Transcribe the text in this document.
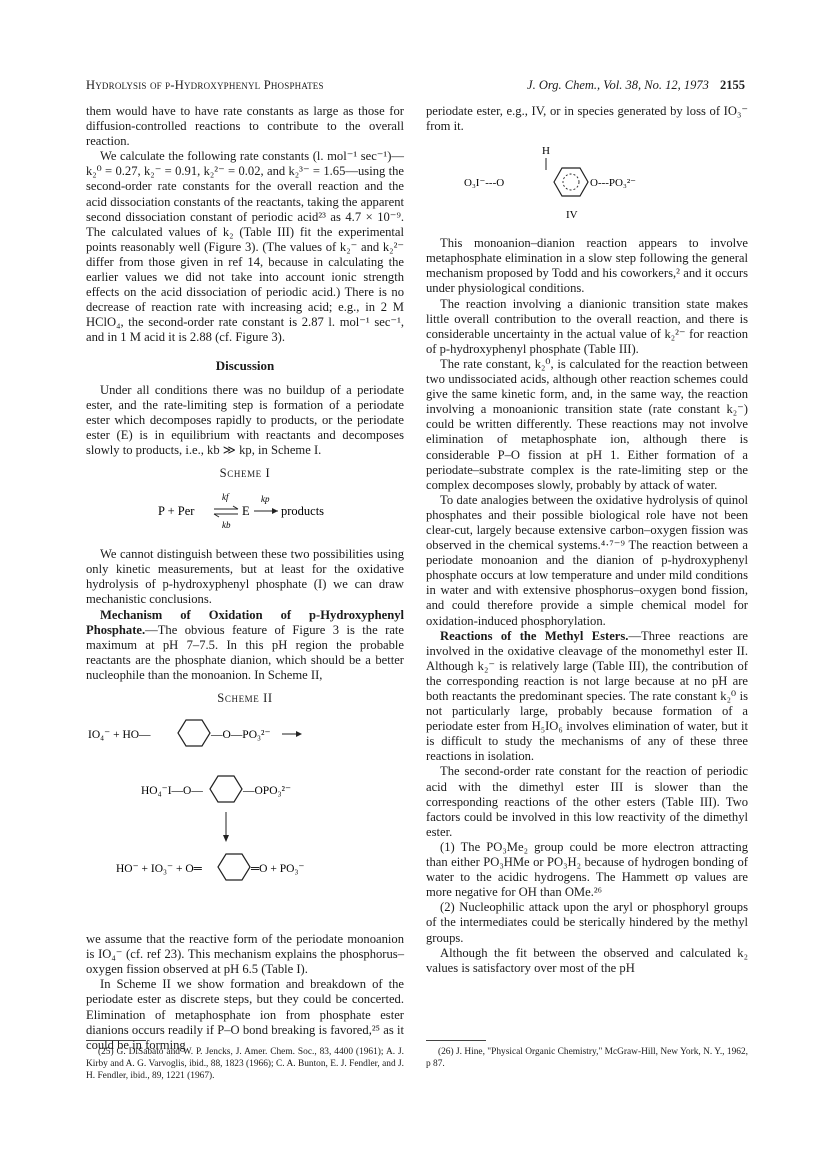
Hydrolysis of p-Hydroxyphenyl Phosphates	J. Org. Chem., Vol. 38, No. 12, 1973 2155

them would have to have rate constants as large as those for diffusion-controlled reactions to contribute to the overall reaction.

We calculate the following rate constants (l. mol⁻¹ sec⁻¹)—k₂⁰ = 0.27, k₂⁻ = 0.91, k₂²⁻ = 0.02, and k₂³⁻ = 1.65—using the second-order rate constants for the overall reaction and the acid dissociation constants of the reactants, taking the apparent second dissociation constant of periodic acid²³ as 4.7 × 10⁻⁹. The calculated values of k₂ (Table III) fit the experimental points reasonably well (Figure 3). (The values of k₂⁻ and k₂²⁻ differ from those given in ref 14, because in calculating the earlier values we did not take into account ionic strength effects on the acid dissociation of periodic acid.) There is no decrease of reaction rate with increasing acid; e.g., in 2 M HClO₄, the second-order rate constant is 2.87 l. mol⁻¹ sec⁻¹, and in 1 M acid it is 2.88 (cf. Figure 3).

Discussion

Under all conditions there was no buildup of a periodate ester, and the rate-limiting step is formation of a periodate ester which decomposes rapidly to products, or the periodate ester (E) is in equilibrium with reactants and decomposes slowly to products, i.e., kb ≫ kp, in Scheme I.

Scheme I
P + Per
kf
kb
E
kp
products

We cannot distinguish between these two possibilities using only kinetic measurements, but at least for the oxidative hydrolysis of p-hydroxyphenyl phosphate (I) we can draw mechanistic conclusions.

Mechanism of Oxidation of p-Hydroxyphenyl Phosphate.—The obvious feature of Figure 3 is the rate maximum at pH 7–7.5. In this pH region the probable reactants are the phosphate dianion, which should be a better nucleophile than the monoanion. In Scheme II,

Scheme II
IO₄⁻ + HO—	—O—PO₃²⁻
HO₄⁻I—O—	—OPO₃²⁻
HO⁻ + IO₃⁻ + O═	═O + PO₃⁻

we assume that the reactive form of the periodate monoanion is IO₄⁻ (cf. ref 23). This mechanism explains the phosphorus–oxygen fission observed at pH 6.5 (Table I).

In Scheme II we show formation and breakdown of the periodate ester as discrete steps, but they could be concerted. Elimination of metaphosphate ion from phosphate ester dianions occurs readily if P–O bond breaking is favored,²⁵ as it could be in forming

periodate ester, e.g., IV, or in species generated by loss of IO₃⁻ from it.

H
O₃I⁻---O	O---PO₃²⁻
IV

This monoanion–dianion reaction appears to involve metaphosphate elimination in a slow step following the general mechanism proposed by Todd and his coworkers,² and it occurs under physiological conditions.

The reaction involving a dianionic transition state makes little overall contribution to the overall reaction, and there is considerable uncertainty in the actual value of k₂²⁻ for reaction of p-hydroxyphenyl phosphate (Table III).

The rate constant, k₂⁰, is calculated for the reaction between two undissociated acids, although other reaction schemes could give the same kinetic form, and, in the same way, the reaction involving a monoanionic transition state (rate constant k₂⁻) could be written differently. These reactions may not involve elimination of metaphosphate ion, although there is considerable P–O fission at pH 1. Either formation of a periodate–substrate complex is the rate-limiting step or the complex decomposes slowly, probably by attack of water.

To date analogies between the oxidative hydrolysis of quinol phosphates and their possible biological role have not been clear-cut, largely because extensive carbon–oxygen fission was observed in the chemical systems.⁴·⁷⁻⁹ The reaction between a periodate monoanion and the dianion of p-hydroxyphenyl phosphate occurs at low temperature and under mild conditions in water and with extensive phosphorus–oxygen bond fission, and could therefore provide a simple chemical model for oxidation-induced phosphorylation.

Reactions of the Methyl Esters.—Three reactions are involved in the oxidative cleavage of the monomethyl ester II. Although k₂⁻ is relatively large (Table III), the contribution of the corresponding reaction is not large because at no pH are both reactants the predominant species. The rate constant k₂⁰ is not particularly large, probably because formation of a periodate ester from H₅IO₆ involves elimination of water, but it is difficult to study the mechanisms of any of these three reactions in isolation.

The second-order rate constant for the reaction of periodic acid with the dimethyl ester III is slower than the corresponding reactions of the other esters (Table III). Two factors could be involved in this low reactivity of the dimethyl ester.

(1) The PO₃Me₂ group could be more electron attracting than either PO₃HMe or PO₃H₂ because of hydrogen bonding of water to the acidic hydrogens. The Hammett σp values are more negative for OH than OMe.²⁶

(2) Nucleophilic attack upon the aryl or phosphoryl groups of the intermediates could be sterically hindered by the methyl groups.

Although the fit between the observed and calculated k₂ values is satisfactory over most of the pH

(25) G. DiSabato and W. P. Jencks, J. Amer. Chem. Soc., 83, 4400 (1961); A. J. Kirby and A. G. Varvoglis, ibid., 88, 1823 (1966); C. A. Bunton, E. J. Fendler, and J. H. Fendler, ibid., 89, 1221 (1967).

(26) J. Hine, "Physical Organic Chemistry," McGraw-Hill, New York, N. Y., 1962, p 87.
